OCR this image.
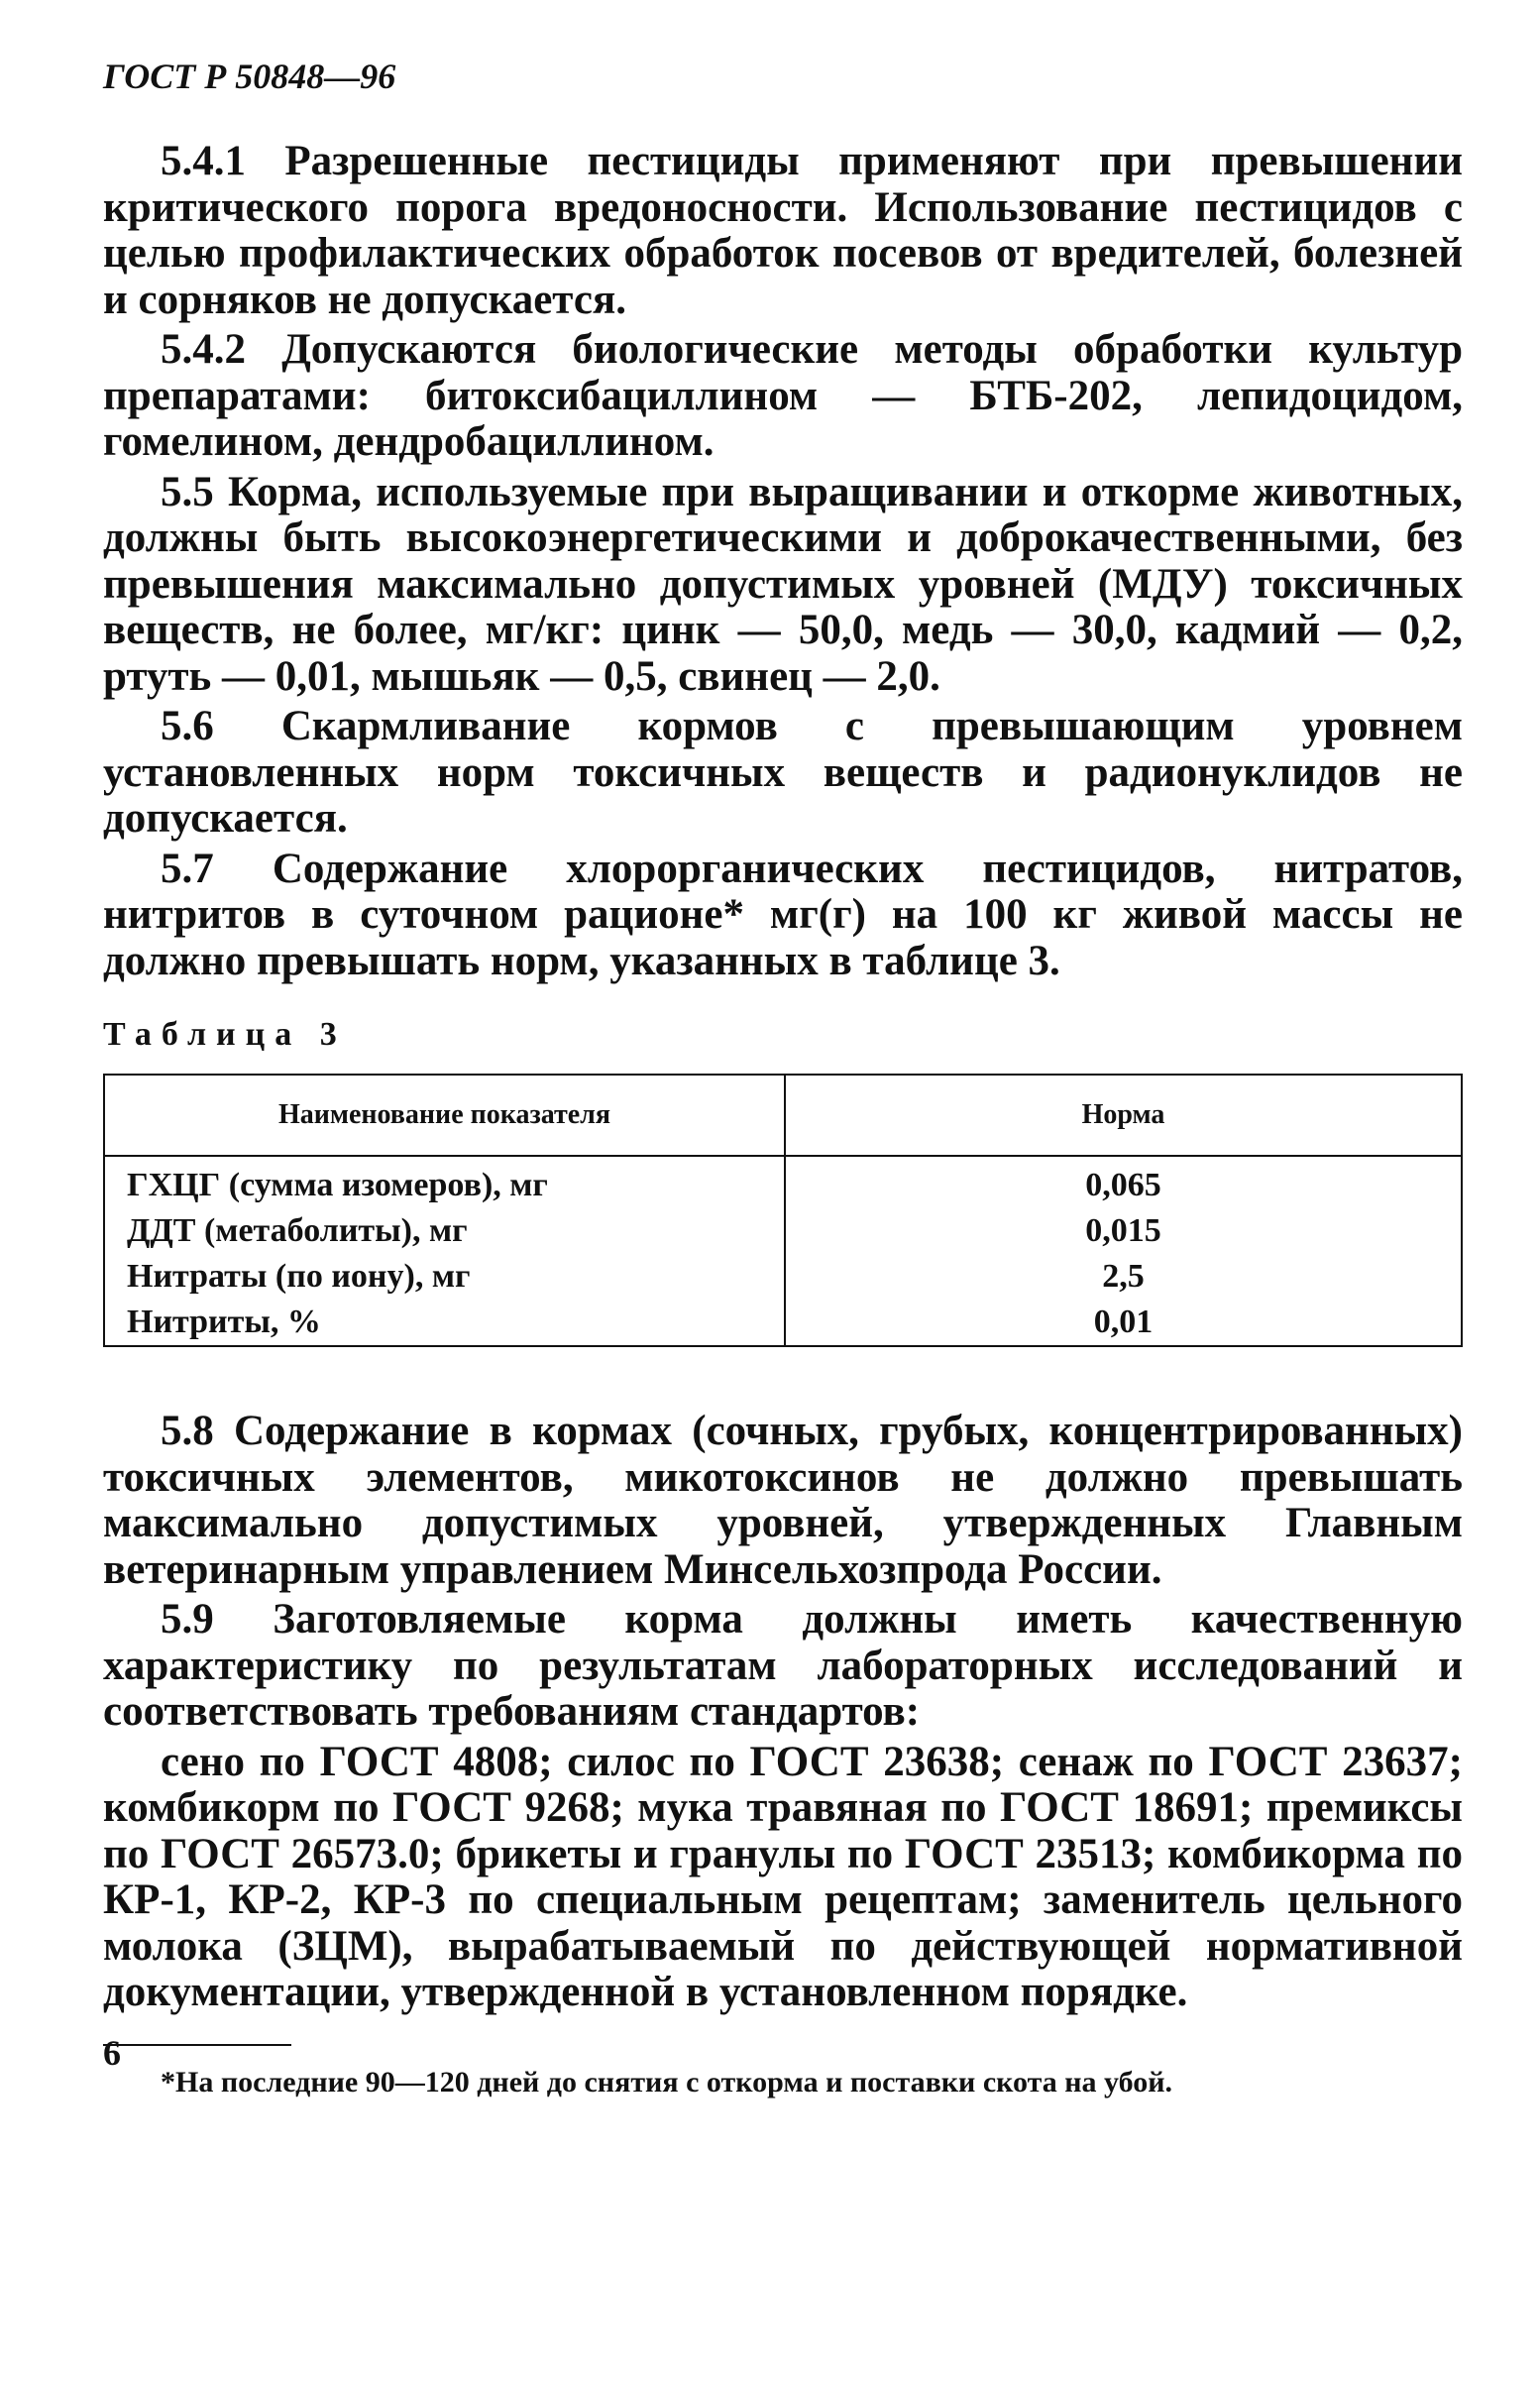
ГОСТ Р 50848—96

5.4.1 Разрешенные пестициды применяют при превышении критического порога вредоносности. Использование пестицидов с целью профилактических обработок посевов от вредителей, болезней и сорняков не допускается.

5.4.2 Допускаются биологические методы обработки культур препаратами: битоксибациллином — БТБ-202, лепидоцидом, гомелином, дендробациллином.

5.5 Корма, используемые при выращивании и откорме животных, должны быть высокоэнергетическими и доброкачественными, без превышения максимально допустимых уровней (МДУ) токсичных веществ, не более, мг/кг: цинк — 50,0, медь — 30,0, кадмий — 0,2, ртуть — 0,01, мышьяк — 0,5, свинец — 2,0.

5.6 Скармливание кормов с превышающим уровнем установленных норм токсичных веществ и радионуклидов не допускается.

5.7 Содержание хлорорганических пестицидов, нитратов, нитритов в суточном рационе* мг(г) на 100 кг живой массы не должно превышать норм, указанных в таблице 3.

Таблица 3
Наименование показателя	Норма
ГХЦГ (сумма изомеров), мг	0,065
ДДТ (метаболиты), мг	0,015
Нитраты (по иону), мг	2,5
Нитриты, %	0,01

5.8 Содержание в кормах (сочных, грубых, концентрированных) токсичных элементов, микотоксинов не должно превышать максимально допустимых уровней, утвержденных Главным ветеринарным управлением Минсельхозпрода России.

5.9 Заготовляемые корма должны иметь качественную характеристику по результатам лабораторных исследований и соответствовать требованиям стандартов:

сено по ГОСТ 4808; силос по ГОСТ 23638; сенаж по ГОСТ 23637; комбикорм по ГОСТ 9268; мука травяная по ГОСТ 18691; премиксы по ГОСТ 26573.0; брикеты и гранулы по ГОСТ 23513; комбикорма по КР-1, КР-2, КР-3 по специальным рецептам; заменитель цельного молока (ЗЦМ), вырабатываемый по действующей нормативной документации, утвержденной в установленном порядке.

*На последние 90—120 дней до снятия с откорма и поставки скота на убой.
6
